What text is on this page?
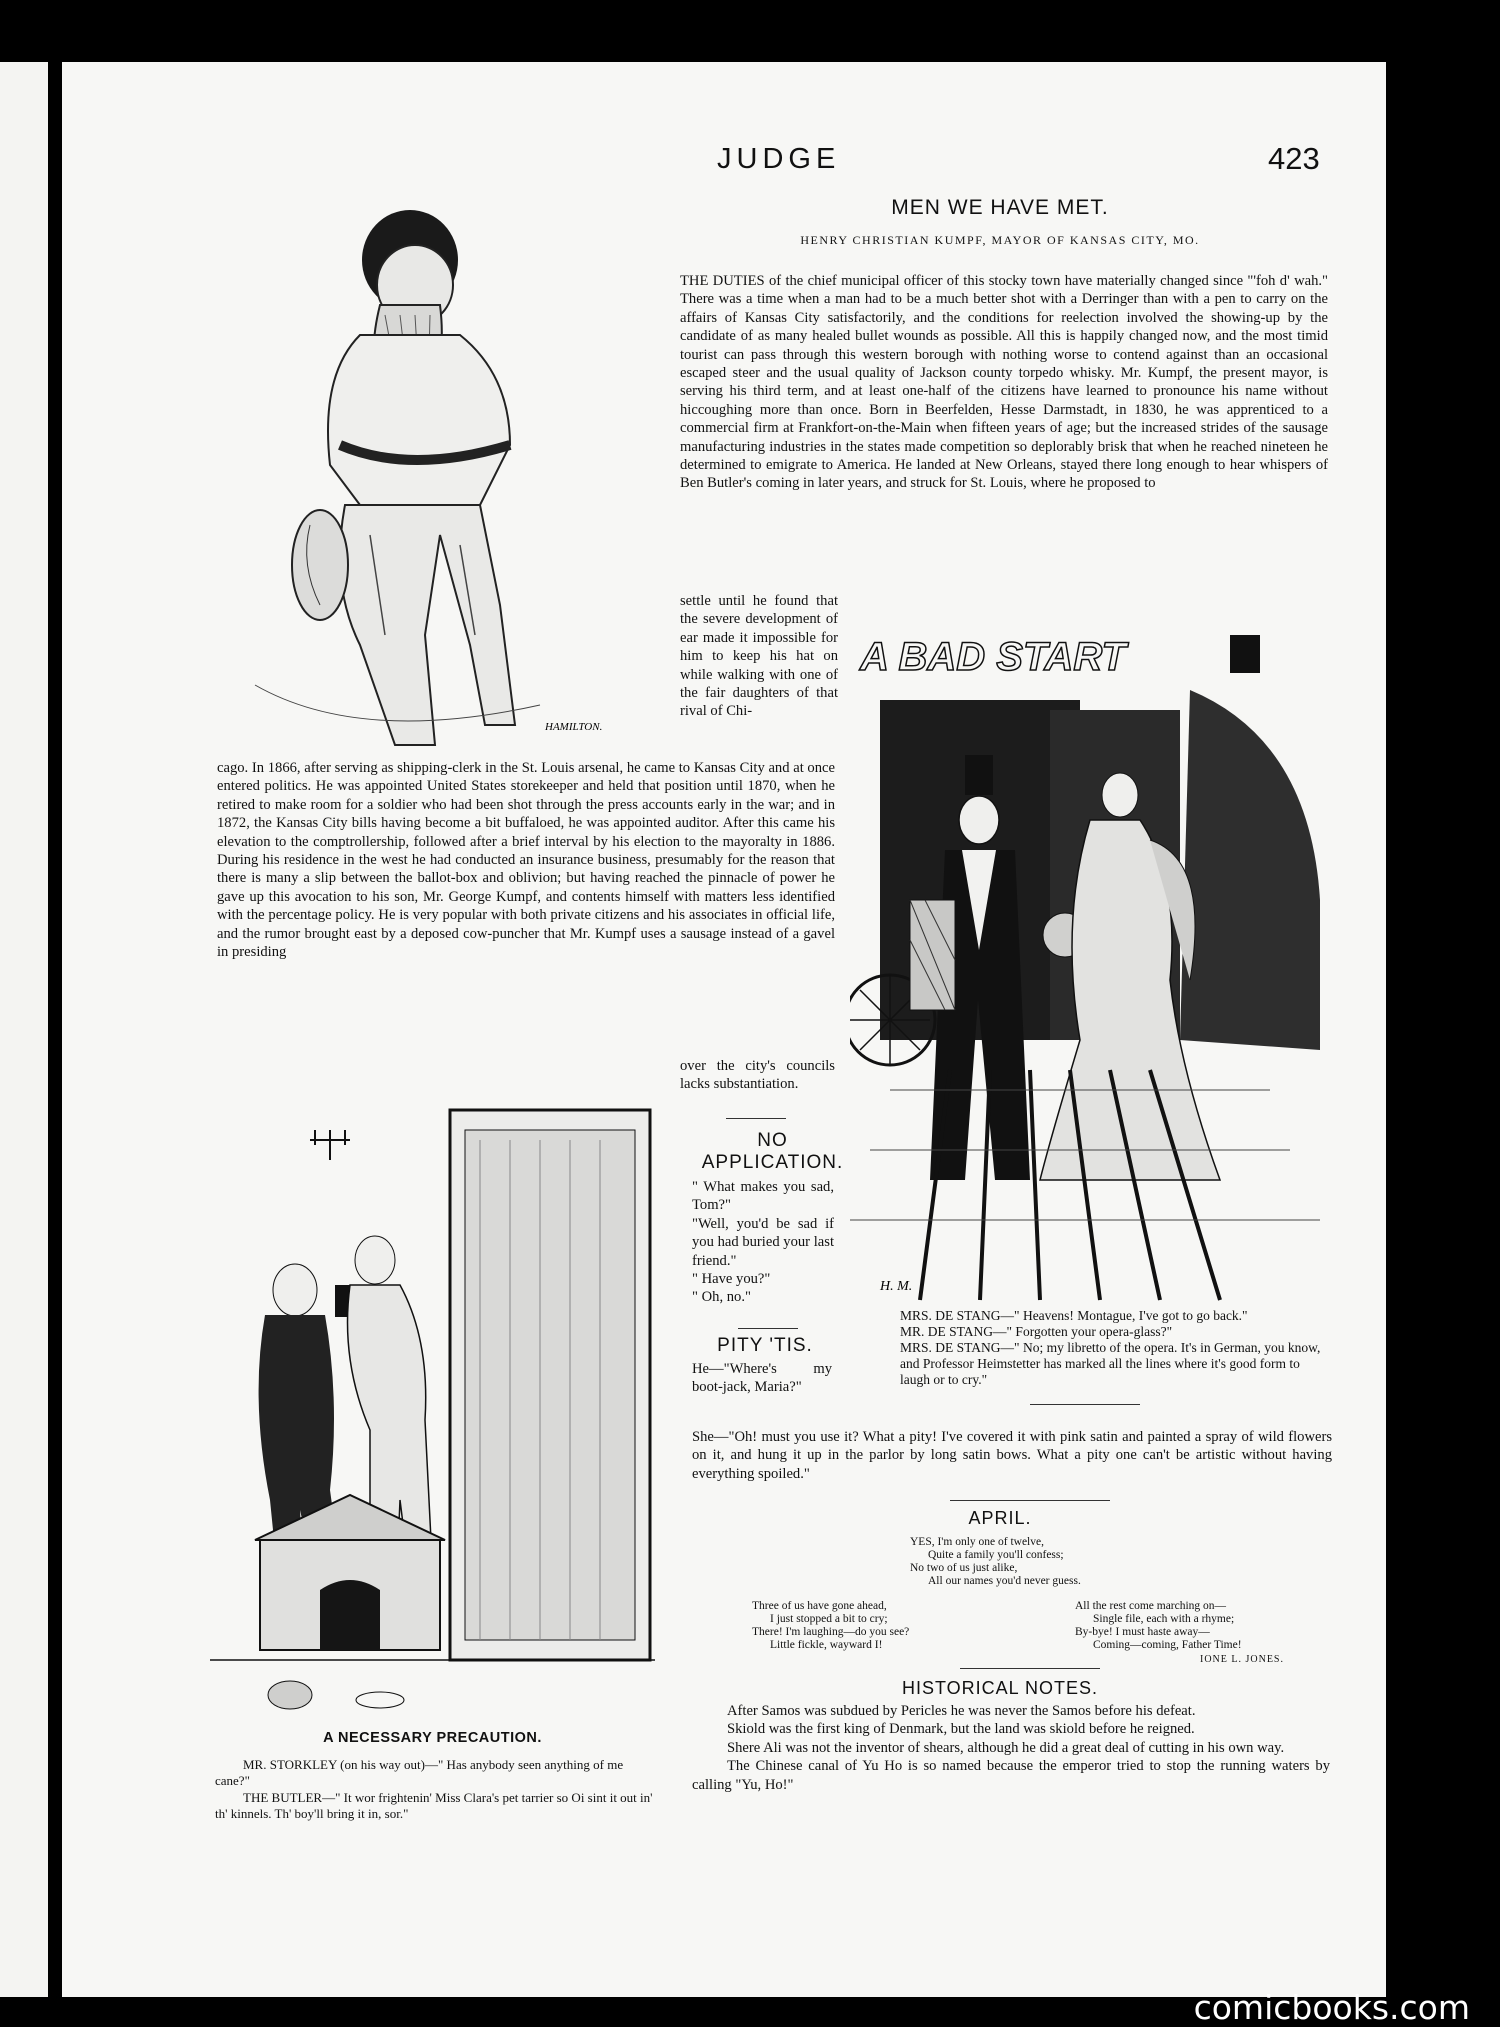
JUDGE	423
HAMILTON.
MEN WE HAVE MET.
HENRY CHRISTIAN KUMPF, MAYOR OF KANSAS CITY, MO.
THE DUTIES of the chief municipal officer of this stocky town have materially changed since "'foh d' wah." There was a time when a man had to be a much better shot with a Derringer than with a pen to carry on the affairs of Kansas City satisfactorily, and the conditions for reelection involved the showing-up by the candidate of as many healed bullet wounds as possible. All this is happily changed now, and the most timid tourist can pass through this western borough with nothing worse to contend against than an occasional escaped steer and the usual quality of Jackson county torpedo whisky. Mr. Kumpf, the present mayor, is serving his third term, and at least one-half of the citizens have learned to pronounce his name without hiccoughing more than once. Born in Beerfelden, Hesse Darmstadt, in 1830, he was apprenticed to a commercial firm at Frankfort-on-the-Main when fifteen years of age; but the increased strides of the sausage manufacturing industries in the states made competition so deplorably brisk that when he reached nineteen he determined to emigrate to America. He landed at New Orleans, stayed there long enough to hear whispers of Ben Butler's coming in later years, and struck for St. Louis, where he proposed to
settle until he found that the severe development of ear made it impossible for him to keep his hat on while walking with one of the fair daughters of that rival of Chi-
cago. In 1866, after serving as shipping-clerk in the St. Louis arsenal, he came to Kansas City and at once entered politics. He was appointed United States storekeeper and held that position until 1870, when he retired to make room for a soldier who had been shot through the press accounts early in the war; and in 1872, the Kansas City bills having become a bit buffaloed, he was appointed auditor. After this came his elevation to the comptrollership, followed after a brief interval by his election to the mayoralty in 1886. During his residence in the west he had conducted an insurance business, presumably for the reason that there is many a slip between the ballot-box and oblivion; but having reached the pinnacle of power he gave up this avocation to his son, Mr. George Kumpf, and contents himself with matters less identified with the percentage policy. He is very popular with both private citizens and his associates in official life, and the rumor brought east by a deposed cow-puncher that Mr. Kumpf uses a sausage instead of a gavel in presiding
over the city's councils lacks substantiation.
A BAD START
H. M.
MRS. DE STANG—" Heavens! Montague, I've got to go back."
MR. DE STANG—" Forgotten your opera-glass?"
MRS. DE STANG—" No; my libretto of the opera. It's in German, you know, and Professor Heimstetter has marked all the lines where it's good form to laugh or to cry."
NO APPLICATION.

" What makes you sad, Tom?"

"Well, you'd be sad if you had buried your last friend."

" Have you?"

" Oh, no."

PITY 'TIS.
He—"Where's my boot-jack, Maria?"
She—"Oh! must you use it? What a pity! I've covered it with pink satin and painted a spray of wild flowers on it, and hung it up in the parlor by long satin bows. What a pity one can't be artistic without having everything spoiled."
A NECESSARY PRECAUTION.
MR. STORKLEY (on his way out)—" Has anybody seen anything of me cane?"
THE BUTLER—" It wor frightenin' Miss Clara's pet tarrier so Oi sint it out in' th' kinnels. Th' boy'll bring it in, sor."
APRIL.
YES, I'm only one of twelve,
Quite a family you'll confess;
No two of us just alike,
All our names you'd never guess.
Three of us have gone ahead,
I just stopped a bit to cry;
There! I'm laughing—do you see?
Little fickle, wayward I!
All the rest come marching on—
Single file, each with a rhyme;
By-bye! I must haste away—
Coming—coming, Father Time!
IONE L. JONES.
HISTORICAL NOTES.

After Samos was subdued by Pericles he was never the Samos before his defeat.

Skiold was the first king of Denmark, but the land was skiold before he reigned.

Shere Ali was not the inventor of shears, although he did a great deal of cutting in his own way.

The Chinese canal of Yu Ho is so named because the emperor tried to stop the running waters by calling "Yu, Ho!"

comicbooks.com
